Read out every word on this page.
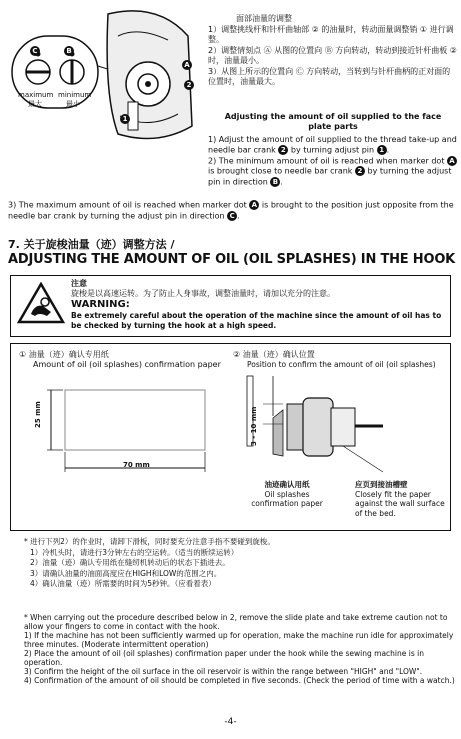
C	B
A
2
1
maximum minimum
最大	最小
面部油量的调整
1）调整挑线杆和针杆曲轴部 ② 的油量时，转动面量调整销 ① 进行调整。
2）调整情刻点 Ⓐ 从图的位置向 Ⓑ 方向转动，转动到接近针杆曲板 ② 时，油量最小。
3）从图上所示的位置向 Ⓒ 方向转动，当转到与针杆曲柄的正对面的位置时，油量最大。
Adjusting the amount of oil supplied to the face plate parts

1) Adjust the amount of oil supplied to the thread take-up and needle bar crank 2 by turning adjust pin 1 .

2) The minimum amount of oil is reached when marker dot A is brought close to needle bar crank 2 by turning the adjust pin in direction B .

3) The maximum amount of oil is reached when marker dot A is brought to the position just opposite from the needle bar crank by turning the adjust pin in direction C .

7. 关于旋梭油量（迹）调整方法 /
ADJUSTING THE AMOUNT OF OIL (OIL SPLASHES) IN THE HOOK
注意
旋梭是以高速运转。为了防止人身事故，调整油量时，请加以充分的注意。
WARNING:
Be extremely careful about the operation of the machine since the amount of oil has to be checked by turning the hook at a high speed.
① 油量（迹）确认专用纸
Amount of oil (oil splashes) confirmation paper
25 mm
70 mm
② 油量（迹）确认位置
Position to confirm the amount of oil (oil splashes)
3 - 10 mm
油迹确认用纸
Oil splashes
confirmation paper
应页到接油槽壁
Closely fit the paper against the wall surface of the bed.
* 进行下列2）的作业时，请卸下滑板，同时要充分注意手指不要碰到旋梭。
1）冷机头时，请进行3分钟左右的空运转。（适当的断续运转）
2）油量（迹）确认专用纸在缝纫机转动后的状态下插进去。
3）请确认油量的油面高度应在HIGH和LOW的范围之内。
4）确认油量（迹）所需要的时间为5秒钟。（应看着表）

* When carrying out the procedure described below in 2, remove the slide plate and take extreme caution not to allow your fingers to come in contact with the hook.

1) If the machine has not been sufficiently warmed up for operation, make the machine run idle for approximately three minutes. (Moderate intermittent operation)

2) Place the amount of oil (oil splashes) confirmation paper under the hook while the sewing machine is in operation.

3) Confirm the height of the oil surface in the oil reservoir is within the range between "HIGH" and "LOW".

4) Confirmation of the amount of oil should be completed in five seconds. (Check the period of time with a watch.)

-4-
